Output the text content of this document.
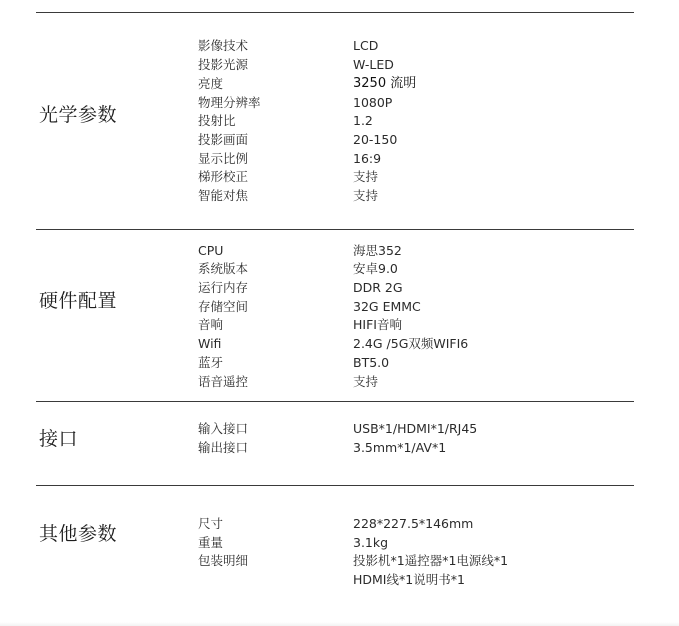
光学参数
影像技术	LCD
投影光源	W-LED
亮度	3250 流明
物理分辨率	1080P
投射比	1.2
投影画面	20-150
显示比例	16:9
梯形校正	支持
智能对焦	支持
硬件配置
CPU	海思352
系统版本	安卓9.0
运行内存	DDR 2G
存储空间	32G EMMC
音响	HIFI音响
Wifi	2.4G /5G双频WIFI6
蓝牙	BT5.0
语音遥控	支持
接口	输入接口	USB*1/HDMI*1/RJ45
输出接口	3.5mm*1/AV*1
其他参数	尺寸	228*227.5*146mm
重量	3.1kg
包装明细	投影机*1遥控器*1电源线*1
HDMI线*1说明书*1
